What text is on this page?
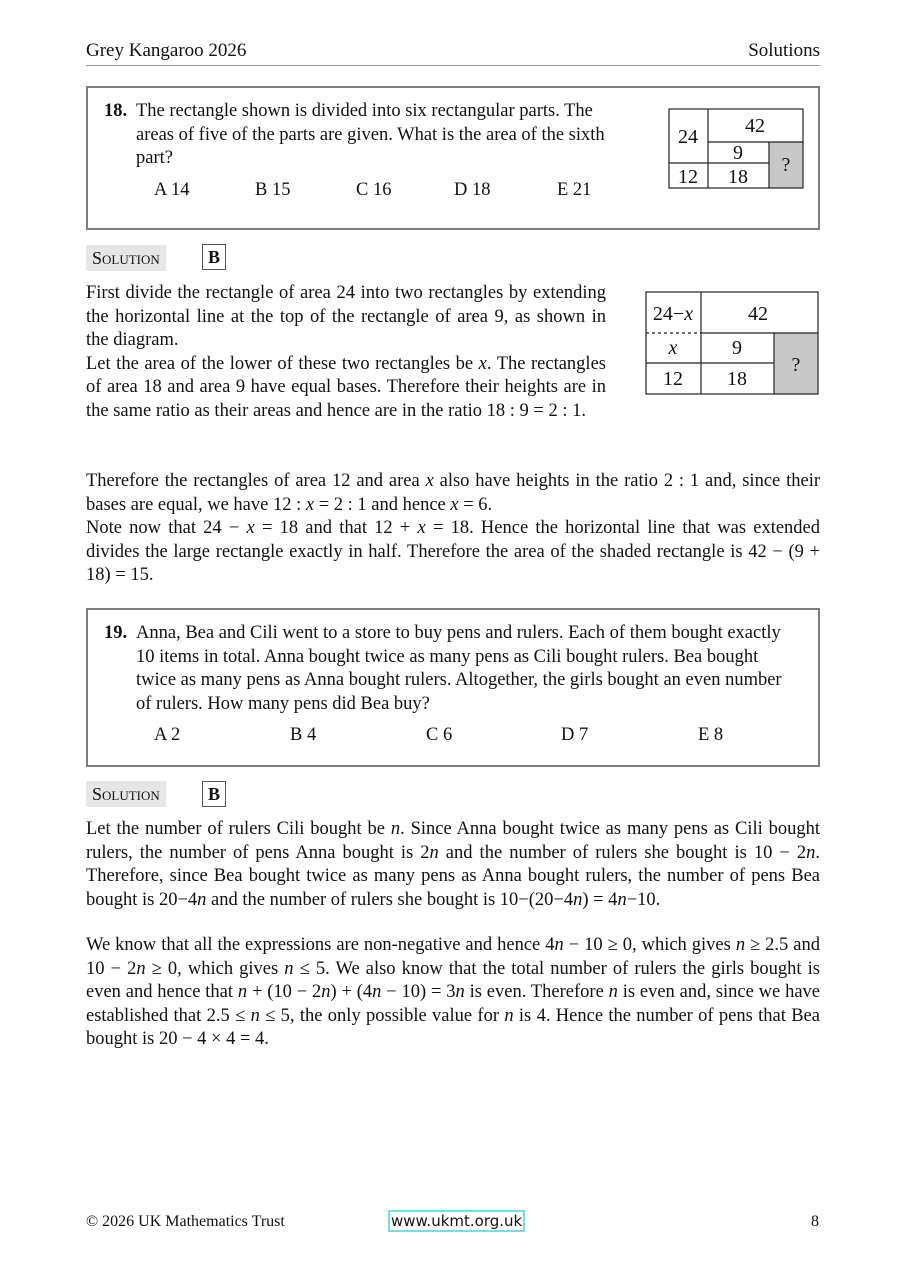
Grey Kangaroo 2026	Solutions
18. The rectangle shown is divided into six rectangular parts. The
areas of five of the parts are given. What is the area of the sixth
part?
A 14	B 15	C 16	D 18	E 21
24 42
9
12 18
?
Solution	B
24−x	42
x	9
12 18
?

First divide the rectangle of area 24 into two rectangles by extending the horizontal line at the top of the rectangle of area 9, as shown in the diagram.

Let the area of the lower of these two rectangles be x. The rectangles of area 18 and area 9 have equal bases. Therefore their heights are in the same ratio as their areas and hence are in the ratio 18 : 9 = 2 : 1.

Therefore the rectangles of area 12 and area x also have heights in the ratio 2 : 1 and, since their bases are equal, we have 12 : x = 2 : 1 and hence x = 6.

Note now that 24 − x = 18 and that 12 + x = 18. Hence the horizontal line that was extended divides the large rectangle exactly in half. Therefore the area of the shaded rectangle is 42 − (9 + 18) = 15.

19. Anna, Bea and Cili went to a store to buy pens and rulers. Each of them bought exactly
10 items in total. Anna bought twice as many pens as Cili bought rulers. Bea bought
twice as many pens as Anna bought rulers. Altogether, the girls bought an even number
of rulers. How many pens did Bea buy?
A 2	B 4	C 6	D 7	E 8
Solution	B

Let the number of rulers Cili bought be n. Since Anna bought twice as many pens as Cili bought rulers, the number of pens Anna bought is 2n and the number of rulers she bought is 10 − 2n. Therefore, since Bea bought twice as many pens as Anna bought rulers, the number of pens Bea bought is 20−4n and the number of rulers she bought is 10−(20−4n) = 4n−10.

We know that all the expressions are non-negative and hence 4n − 10 ≥ 0, which gives n ≥ 2.5 and 10 − 2n ≥ 0, which gives n ≤ 5. We also know that the total number of rulers the girls bought is even and hence that n + (10 − 2n) + (4n − 10) = 3n is even. Therefore n is even and, since we have established that 2.5 ≤ n ≤ 5, the only possible value for n is 4. Hence the number of pens that Bea bought is 20 − 4 × 4 = 4.

© 2026 UK Mathematics Trust	www.ukmt.org.uk	8
